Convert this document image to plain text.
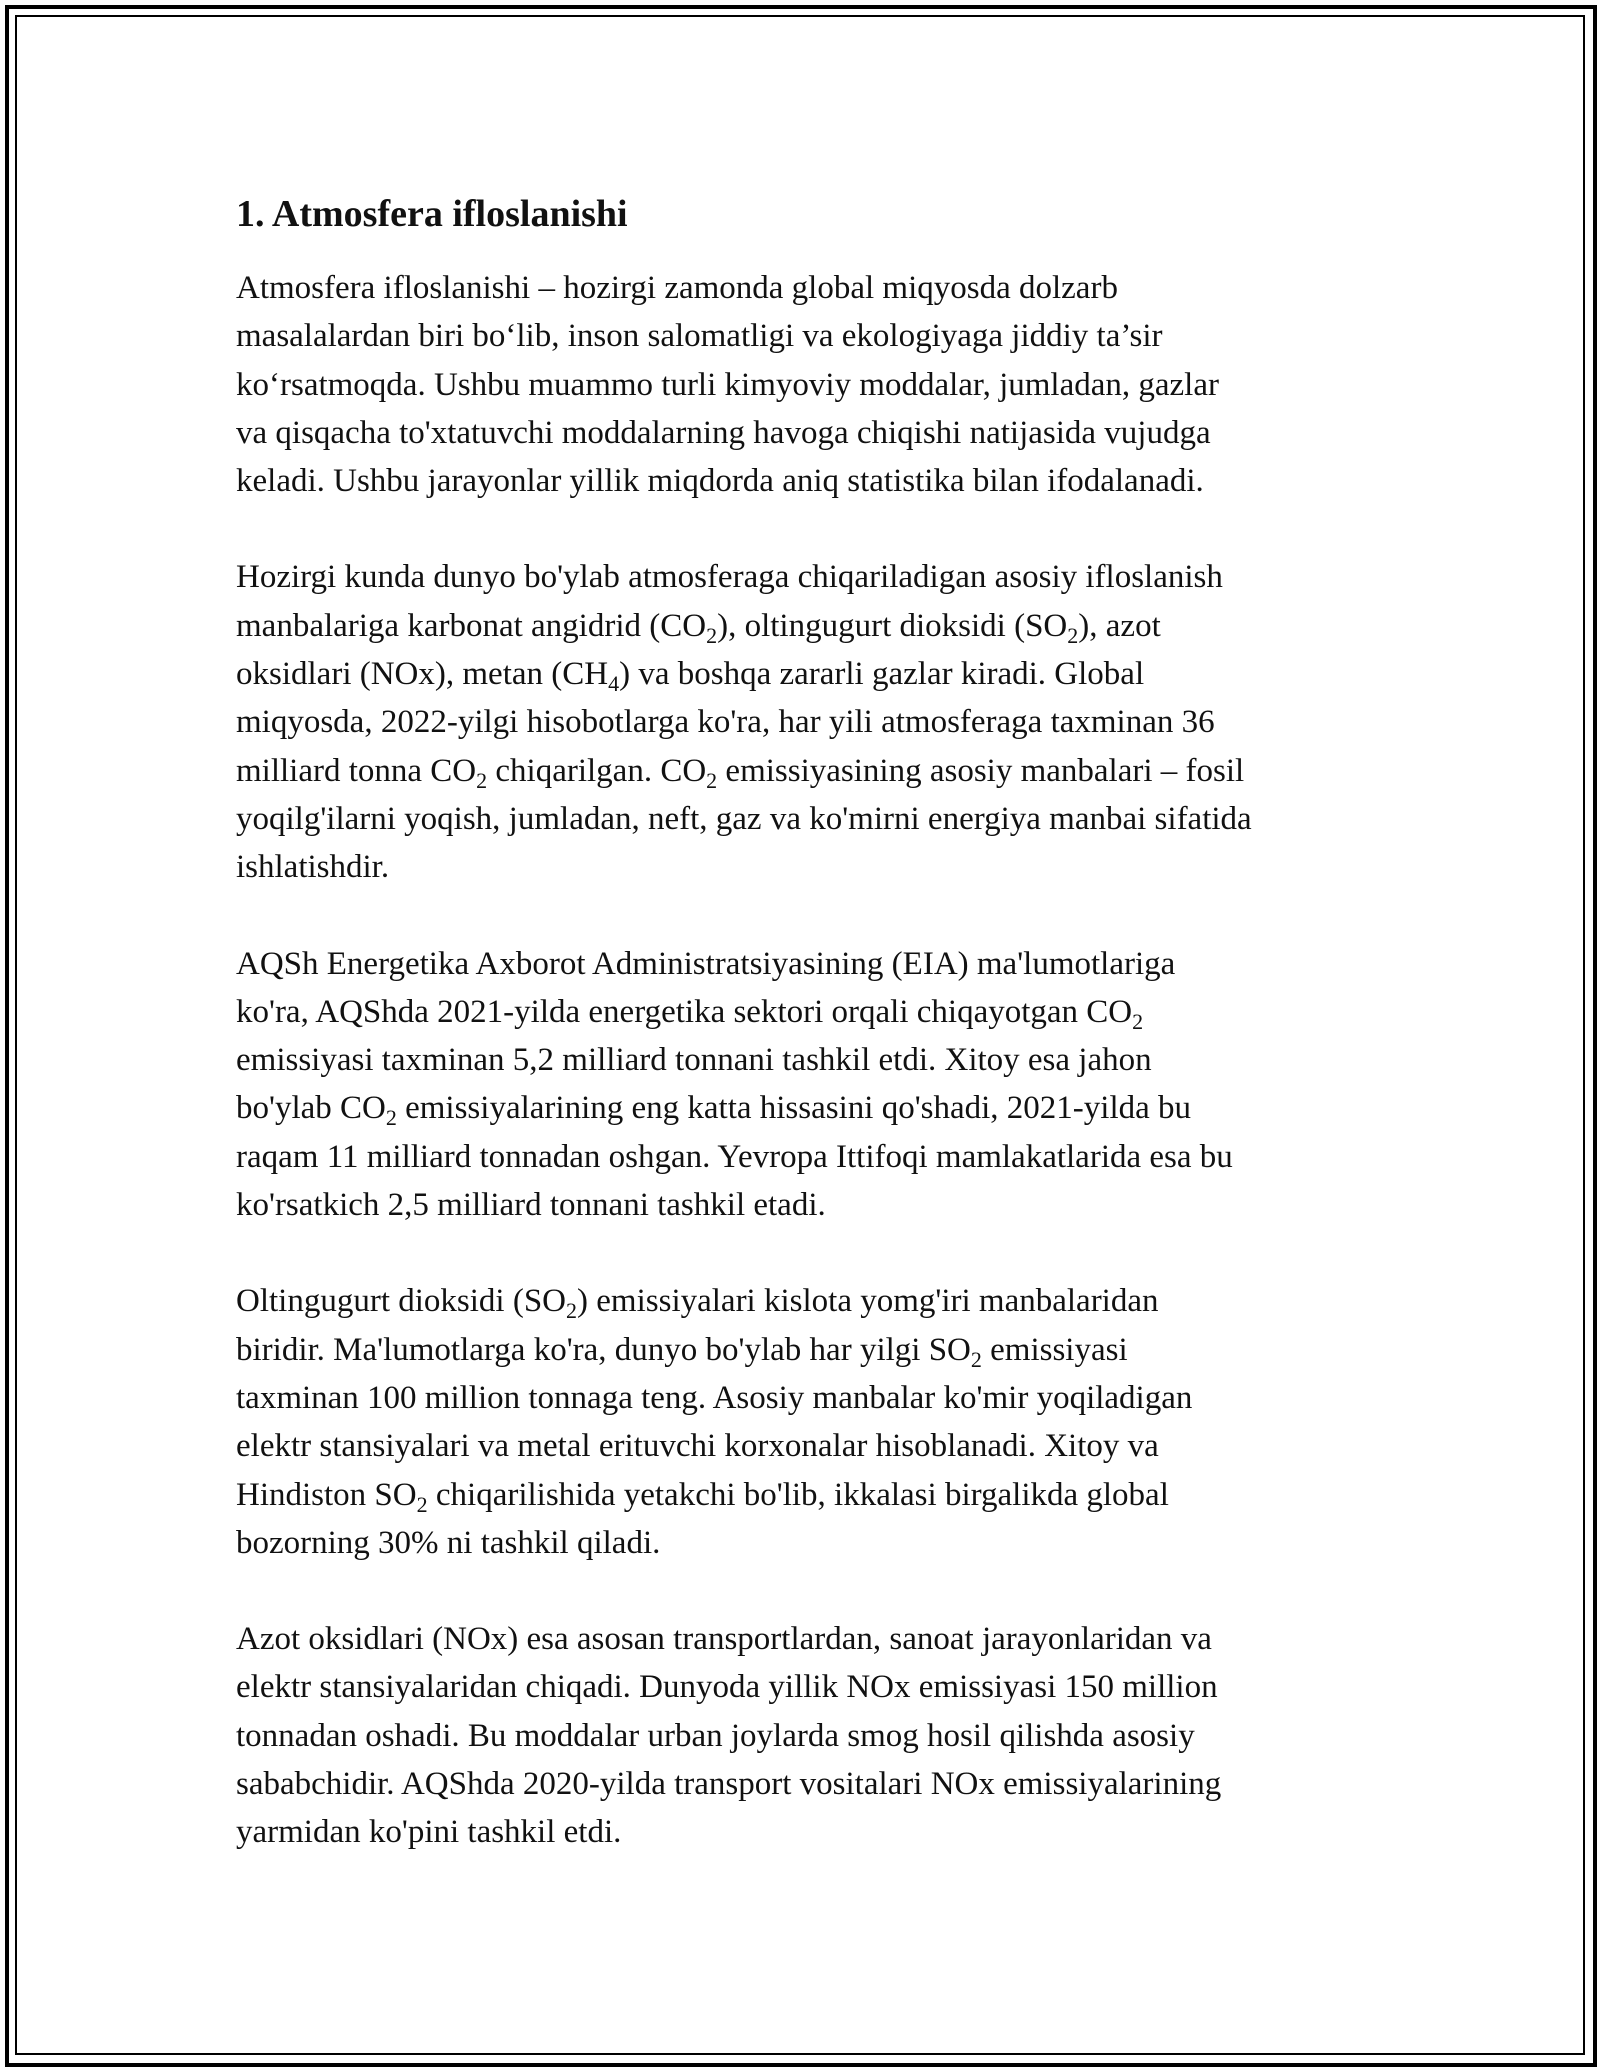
1. Atmosfera ifloslanishi
Atmosfera ifloslanishi – hozirgi zamonda global miqyosda dolzarb
masalalardan biri bo‘lib, inson salomatligi va ekologiyaga jiddiy ta’sir
ko‘rsatmoqda. Ushbu muammo turli kimyoviy moddalar, jumladan, gazlar
va qisqacha to'xtatuvchi moddalarning havoga chiqishi natijasida vujudga
keladi. Ushbu jarayonlar yillik miqdorda aniq statistika bilan ifodalanadi.
Hozirgi kunda dunyo bo'ylab atmosferaga chiqariladigan asosiy ifloslanish
manbalariga karbonat angidrid $(CO_2)$, oltingugurt dioksidi $(SO_2)$, azot
oksidlari (NOx), metan $(CH_4)$ va boshqa zararli gazlar kiradi. Global
miqyosda, 2022-yilgi hisobotlarga ko'ra, har yili atmosferaga taxminan 36
milliard tonna $CO_2$ chiqarilgan. $CO_2$ emissiyasining asosiy manbalari – fosil
yoqilg'ilarni yoqish, jumladan, neft, gaz va ko'mirni energiya manbai sifatida
ishlatishdir.
AQSh Energetika Axborot Administratsiyasining (EIA) ma'lumotlariga
ko'ra, AQShda 2021-yilda energetika sektori orqali chiqayotgan $CO_2$
emissiyasi taxminan 5,2 milliard tonnani tashkil etdi. Xitoy esa jahon
bo'ylab $CO_2$ emissiyalarining eng katta hissasini qo'shadi, 2021-yilda bu
raqam 11 milliard tonnadan oshgan. Yevropa Ittifoqi mamlakatlarida esa bu
ko'rsatkich 2,5 milliard tonnani tashkil etadi.
Oltingugurt dioksidi $(SO_2)$ emissiyalari kislota yomg'iri manbalaridan
biridir. Ma'lumotlarga ko'ra, dunyo bo'ylab har yilgi $SO_2$ emissiyasi
taxminan 100 million tonnaga teng. Asosiy manbalar ko'mir yoqiladigan
elektr stansiyalari va metal erituvchi korxonalar hisoblanadi. Xitoy va
Hindiston $SO_2$ chiqarilishida yetakchi bo'lib, ikkalasi birgalikda global
bozorning 30% ni tashkil qiladi.
Azot oksidlari (NOx) esa asosan transportlardan, sanoat jarayonlaridan va
elektr stansiyalaridan chiqadi. Dunyoda yillik NOx emissiyasi 150 million
tonnadan oshadi. Bu moddalar urban joylarda smog hosil qilishda asosiy
sababchidir. AQShda 2020-yilda transport vositalari NOx emissiyalarining
yarmidan ko'pini tashkil etdi.
